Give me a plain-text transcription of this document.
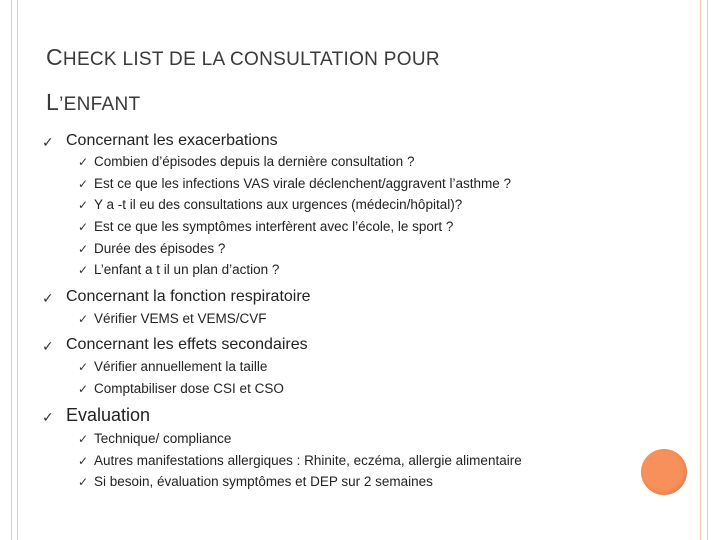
CHECK LIST DE LA CONSULTATION POUR
L’ENFANT
✓ Concernant les exacerbations
✓ Combien d’épisodes depuis la dernière consultation ?
✓ Est ce que les infections VAS virale déclenchent/aggravent l’asthme ?
✓ Y a -t il eu des consultations aux urgences (médecin/hôpital)?
✓ Est ce que les symptômes interfèrent avec l’école, le sport ?
✓ Durée des épisodes ?
✓ L’enfant a t il un plan d’action ?
✓ Concernant la fonction respiratoire
✓ Vérifier VEMS et VEMS/CVF
✓ Concernant les effets secondaires
✓ Vérifier annuellement la taille
✓ Comptabiliser dose CSI et CSO
✓ Evaluation
✓ Technique/ compliance
✓ Autres manifestations allergiques : Rhinite, eczéma, allergie alimentaire
✓ Si besoin, évaluation symptômes et DEP sur 2 semaines
